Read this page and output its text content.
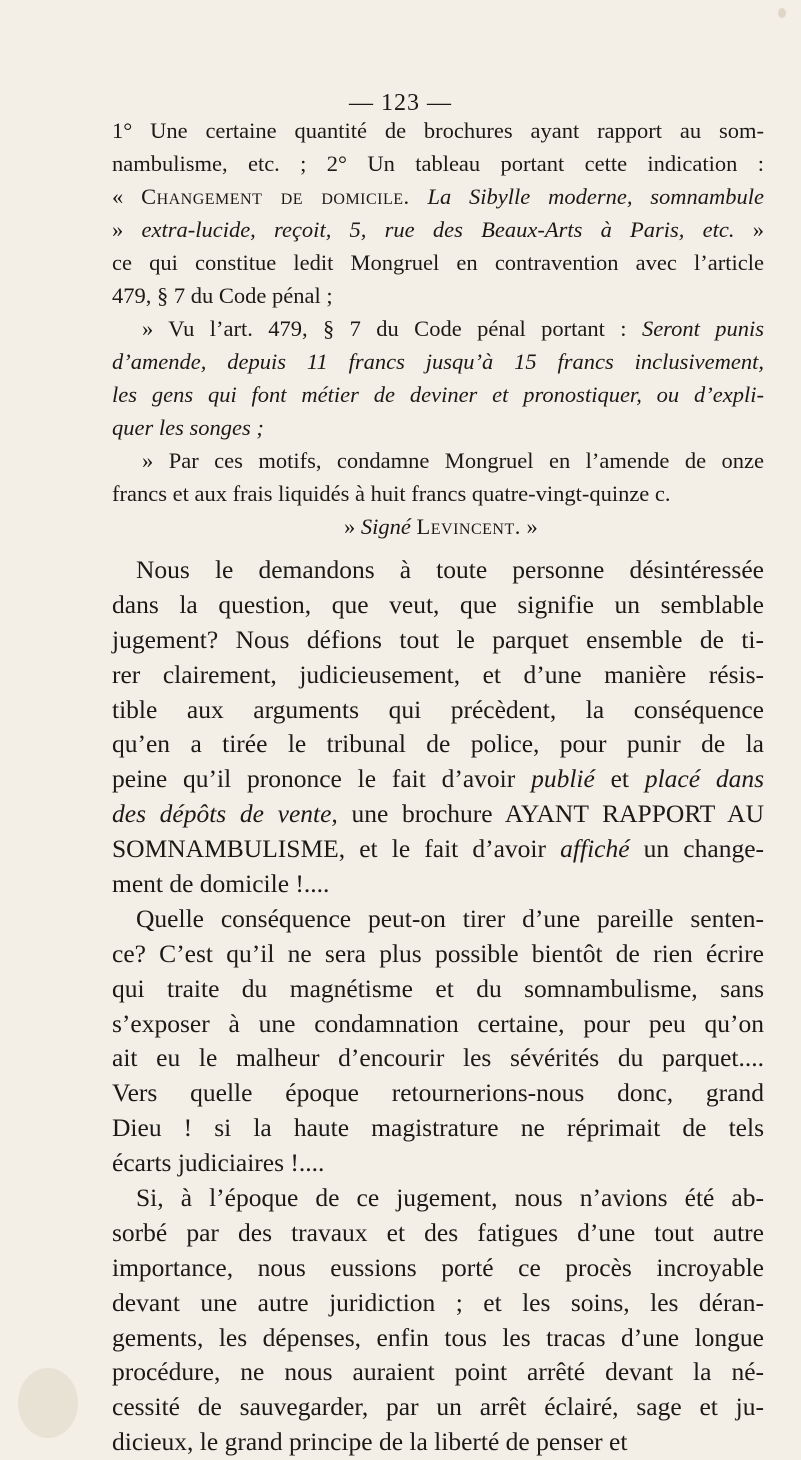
— 123 —
1° Une certaine quantité de brochures ayant rapport au som-
nambulisme, etc. ; 2° Un tableau portant cette indication :
« Changement de domicile. La Sibylle moderne, somnambule
» extra-lucide, reçoit, 5, rue des Beaux-Arts à Paris, etc. »
ce qui constitue ledit Mongruel en contravention avec l’article
479, § 7 du Code pénal ;
» Vu l’art. 479, § 7 du Code pénal portant : Seront punis
d’amende, depuis 11 francs jusqu’à 15 francs inclusivement,
les gens qui font métier de deviner et pronostiquer, ou d’expli-
quer les songes ;
» Par ces motifs, condamne Mongruel en l’amende de onze
francs et aux frais liquidés à huit francs quatre-vingt-quinze c.
» Signé Levincent. »
Nous le demandons à toute personne désintéressée
dans la question, que veut, que signifie un semblable
jugement? Nous défions tout le parquet ensemble de ti-
rer clairement, judicieusement, et d’une manière résis-
tible aux arguments qui précèdent, la conséquence
qu’en a tirée le tribunal de police, pour punir de la
peine qu’il prononce le fait d’avoir publié et placé dans
des dépôts de vente, une brochure AYANT RAPPORT AU
SOMNAMBULISME, et le fait d’avoir affiché un change-
ment de domicile !....
Quelle conséquence peut-on tirer d’une pareille senten-
ce? C’est qu’il ne sera plus possible bientôt de rien écrire
qui traite du magnétisme et du somnambulisme, sans
s’exposer à une condamnation certaine, pour peu qu’on
ait eu le malheur d’encourir les sévérités du parquet....
Vers quelle époque retournerions-nous donc, grand
Dieu ! si la haute magistrature ne réprimait de tels
écarts judiciaires !....
Si, à l’époque de ce jugement, nous n’avions été ab-
sorbé par des travaux et des fatigues d’une tout autre
importance, nous eussions porté ce procès incroyable
devant une autre juridiction ; et les soins, les déran-
gements, les dépenses, enfin tous les tracas d’une longue
procédure, ne nous auraient point arrêté devant la né-
cessité de sauvegarder, par un arrêt éclairé, sage et ju-
dicieux, le grand principe de la liberté de penser et
